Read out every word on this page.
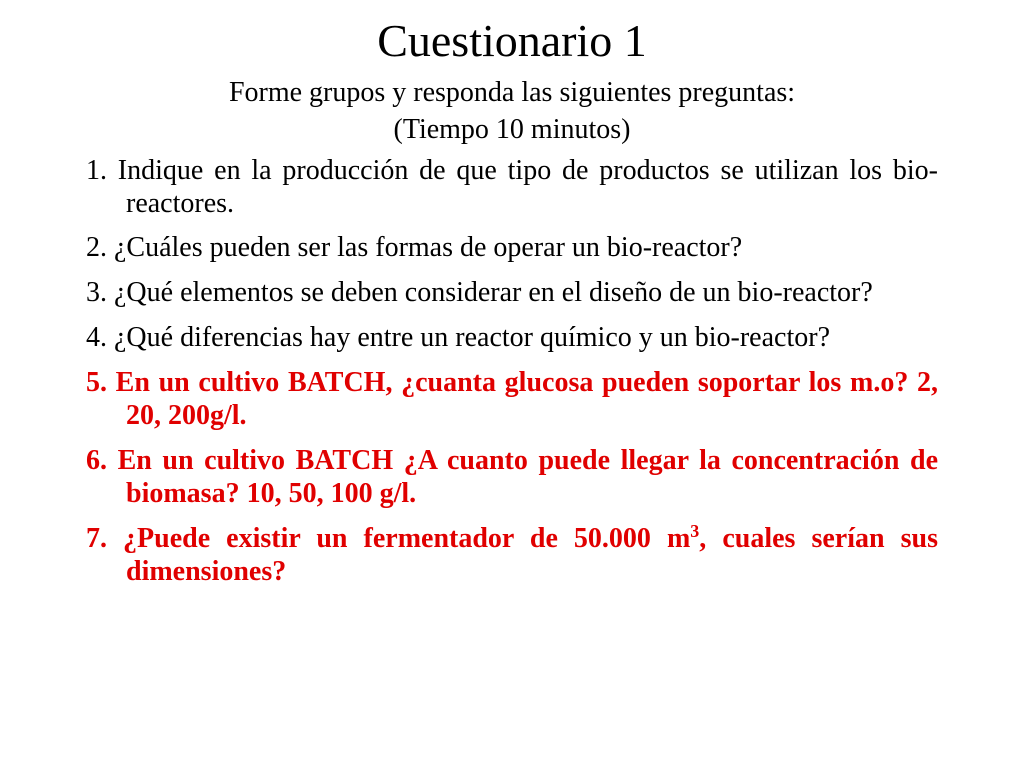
Cuestionario 1
Forme grupos y responda las siguientes preguntas:
(Tiempo 10 minutos)
1. Indique en la producción de que tipo de productos se utilizan los bio-reactores.
2. ¿Cuáles pueden ser las formas de operar un bio-reactor?
3. ¿Qué elementos se deben considerar en el diseño de un bio-reactor?
4. ¿Qué diferencias hay entre un reactor químico y un bio-reactor?
5. En un cultivo BATCH, ¿cuanta glucosa pueden soportar los m.o? 2, 20, 200g/l.
6. En un cultivo BATCH ¿A cuanto puede llegar la concentración de biomasa? 10, 50, 100 g/l.
7. ¿Puede existir un fermentador de 50.000 $m^3$, cuales serían sus dimensiones?
